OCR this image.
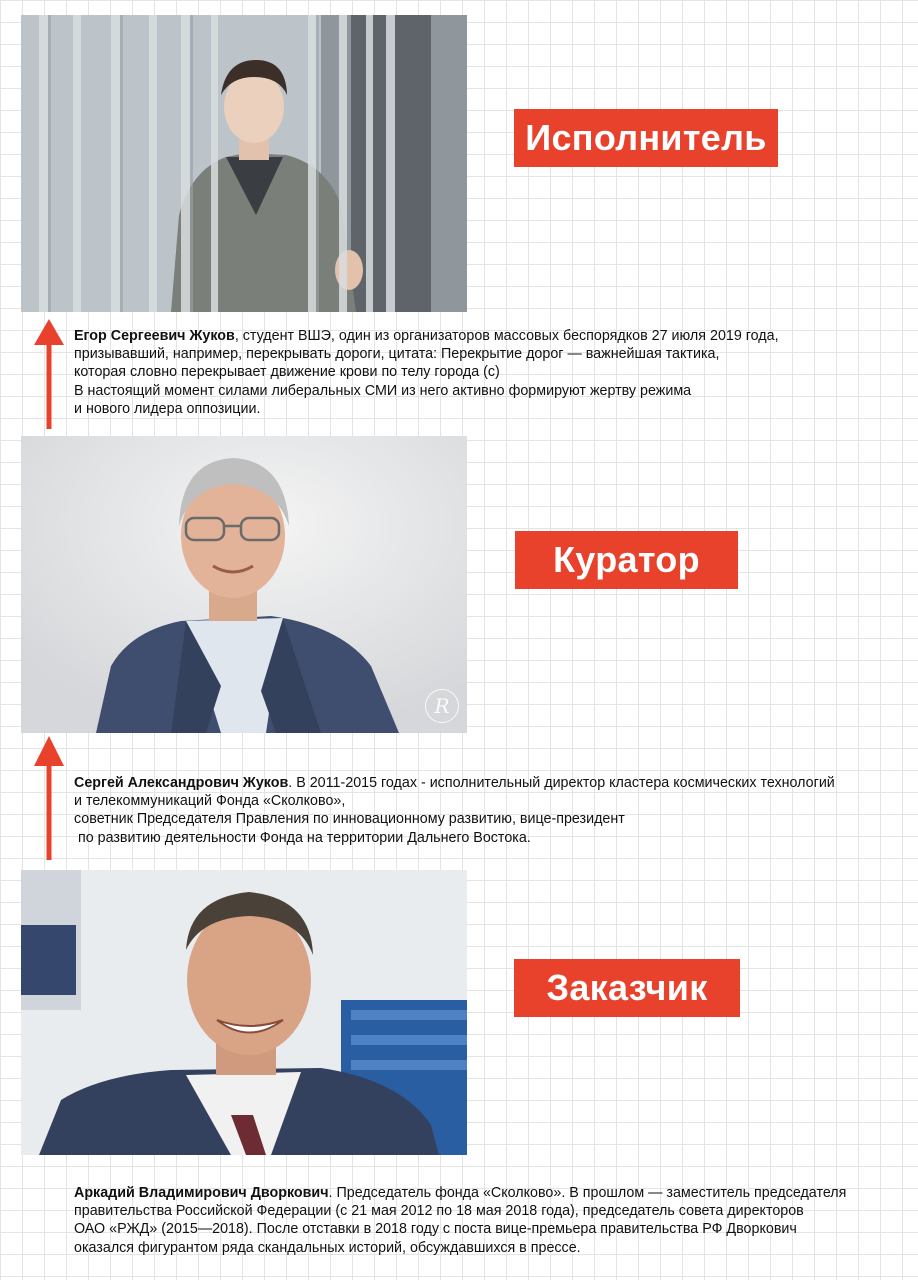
R
Исполнитель
Куратор
Заказчик
Егор Сергеевич Жуков, студент ВШЭ, один из организаторов массовых беспорядков 27 июля 2019 года,
призывавший, например, перекрывать дороги, цитата: Перекрытие дорог — важнейшая тактика,
которая словно перекрывает движение крови по телу города (с)
В настоящий момент силами либеральных СМИ из него активно формируют жертву режима
и нового лидера оппозиции.
Сергей Александрович Жуков. В 2011-2015 годах - исполнительный директор кластера космических технологий
и телекоммуникаций Фонда «Сколково»,
советник Председателя Правления по инновационному развитию, вице-президент
по развитию деятельности Фонда на территории Дальнего Востока.
Аркадий Владимирович Дворкович. Председатель фонда «Сколково». В прошлом — заместитель председателя
правительства Российской Федерации (с 21 мая 2012 по 18 мая 2018 года), председатель совета директоров
ОАО «РЖД» (2015—2018). После отставки в 2018 году с поста вице-премьера правительства РФ Дворкович
оказался фигурантом ряда скандальных историй, обсуждавшихся в прессе.
